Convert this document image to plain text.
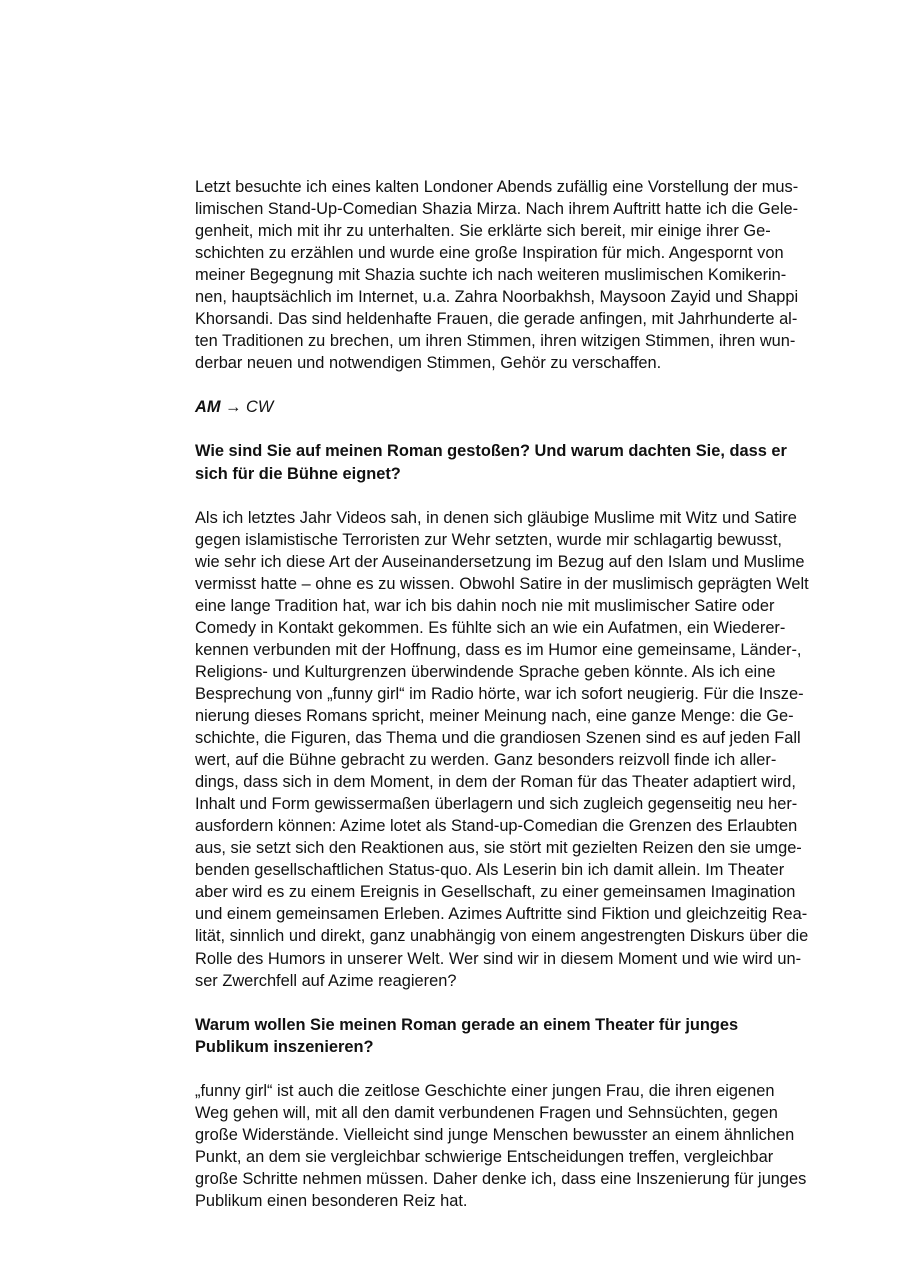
Letzt besuchte ich eines kalten Londoner Abends zufällig eine Vorstellung der mus-
limischen Stand-Up-Comedian Shazia Mirza. Nach ihrem Auftritt hatte ich die Gele-
genheit, mich mit ihr zu unterhalten. Sie erklärte sich bereit, mir einige ihrer Ge-
schichten zu erzählen und wurde eine große Inspiration für mich. Angespornt von
meiner Begegnung mit Shazia suchte ich nach weiteren muslimischen Komikerin-
nen, hauptsächlich im Internet, u.a. Zahra Noorbakhsh, Maysoon Zayid und Shappi
Khorsandi. Das sind heldenhafte Frauen, die gerade anfingen, mit Jahrhunderte al-
ten Traditionen zu brechen, um ihren Stimmen, ihren witzigen Stimmen, ihren wun-
derbar neuen und notwendigen Stimmen, Gehör zu verschaffen.

AM → CW

Wie sind Sie auf meinen Roman gestoßen? Und warum dachten Sie, dass er
sich für die Bühne eignet?

Als ich letztes Jahr Videos sah, in denen sich gläubige Muslime mit Witz und Satire
gegen islamistische Terroristen zur Wehr setzten, wurde mir schlagartig bewusst,
wie sehr ich diese Art der Auseinandersetzung im Bezug auf den Islam und Muslime
vermisst hatte – ohne es zu wissen. Obwohl Satire in der muslimisch geprägten Welt
eine lange Tradition hat, war ich bis dahin noch nie mit muslimischer Satire oder
Comedy in Kontakt gekommen. Es fühlte sich an wie ein Aufatmen, ein Wiederer-
kennen verbunden mit der Hoffnung, dass es im Humor eine gemeinsame, Länder-,
Religions- und Kulturgrenzen überwindende Sprache geben könnte. Als ich eine
Besprechung von „funny girl“ im Radio hörte, war ich sofort neugierig. Für die Insze-
nierung dieses Romans spricht, meiner Meinung nach, eine ganze Menge: die Ge-
schichte, die Figuren, das Thema und die grandiosen Szenen sind es auf jeden Fall
wert, auf die Bühne gebracht zu werden. Ganz besonders reizvoll finde ich aller-
dings, dass sich in dem Moment, in dem der Roman für das Theater adaptiert wird,
Inhalt und Form gewissermaßen überlagern und sich zugleich gegenseitig neu her-
ausfordern können: Azime lotet als Stand-up-Comedian die Grenzen des Erlaubten
aus, sie setzt sich den Reaktionen aus, sie stört mit gezielten Reizen den sie umge-
benden gesellschaftlichen Status-quo. Als Leserin bin ich damit allein. Im Theater
aber wird es zu einem Ereignis in Gesellschaft, zu einer gemeinsamen Imagination
und einem gemeinsamen Erleben. Azimes Auftritte sind Fiktion und gleichzeitig Rea-
lität, sinnlich und direkt, ganz unabhängig von einem angestrengten Diskurs über die
Rolle des Humors in unserer Welt. Wer sind wir in diesem Moment und wie wird un-
ser Zwerchfell auf Azime reagieren?

Warum wollen Sie meinen Roman gerade an einem Theater für junges
Publikum inszenieren?

„funny girl“ ist auch die zeitlose Geschichte einer jungen Frau, die ihren eigenen
Weg gehen will, mit all den damit verbundenen Fragen und Sehnsüchten, gegen
große Widerstände. Vielleicht sind junge Menschen bewusster an einem ähnlichen
Punkt, an dem sie vergleichbar schwierige Entscheidungen treffen, vergleichbar
große Schritte nehmen müssen. Daher denke ich, dass eine Inszenierung für junges
Publikum einen besonderen Reiz hat.
